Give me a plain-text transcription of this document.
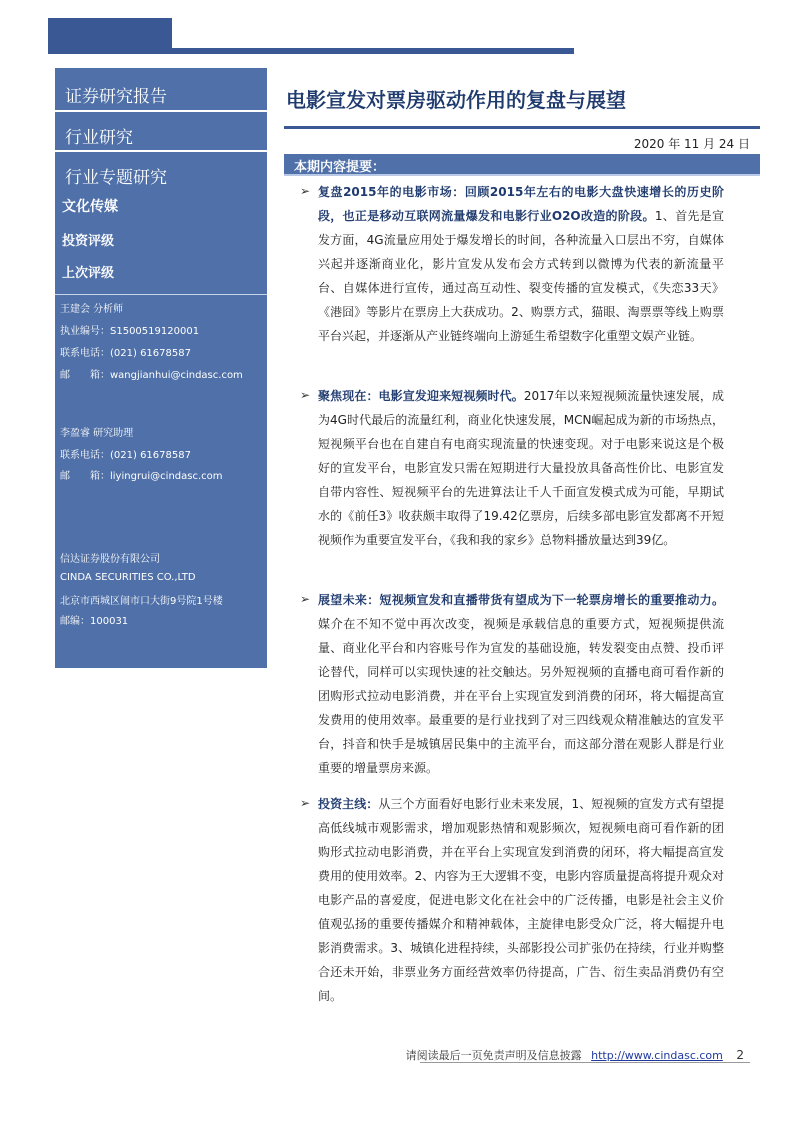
证券研究报告
行业研究
行业专题研究
文化传媒
投资评级
上次评级
王建会 分析师
执业编号：S1500519120001
联系电话：(021) 61678587
邮　　箱：wangjianhui@cindasc.com
李盈睿 研究助理
联系电话：(021) 61678587
邮　　箱：liyingrui@cindasc.com
信达证券股份有限公司
CINDA SECURITIES CO.,LTD
北京市西城区闹市口大街9号院1号楼
邮编：100031
电影宣发对票房驱动作用的复盘与展望
2020 年 11 月 24 日
本期内容提要：
➢ 复盘2015年的电影市场：回顾2015年左右的电影大盘快速增长的历史阶段，也正是移动互联网流量爆发和电影行业O2O改造的阶段。1、首先是宣发方面，4G流量应用处于爆发增长的时间，各种流量入口层出不穷，自媒体兴起并逐渐商业化，影片宣发从发布会方式转到以微博为代表的新流量平台、自媒体进行宣传，通过高互动性、裂变传播的宣发模式，《失恋33天》《港囧》等影片在票房上大获成功。2、购票方式，猫眼、淘票票等线上购票平台兴起，并逐渐从产业链终端向上游延生希望数字化重塑文娱产业链。

➢ 聚焦现在：电影宣发迎来短视频时代。2017年以来短视频流量快速发展，成为4G时代最后的流量红利，商业化快速发展，MCN崛起成为新的市场热点，短视频平台也在自建自有电商实现流量的快速变现。对于电影来说这是个极好的宣发平台，电影宣发只需在短期进行大量投放具备高性价比、电影宣发自带内容性、短视频平台的先进算法让千人千面宣发模式成为可能，早期试水的《前任3》收获颇丰取得了19.42亿票房，后续多部电影宣发都离不开短视频作为重要宣发平台，《我和我的家乡》总物料播放量达到39亿。

➢ 展望未来：短视频宣发和直播带货有望成为下一轮票房增长的重要推动力。媒介在不知不觉中再次改变，视频是承载信息的重要方式，短视频提供流量、商业化平台和内容账号作为宣发的基础设施，转发裂变由点赞、投币评论替代，同样可以实现快速的社交触达。另外短视频的直播电商可看作新的团购形式拉动电影消费，并在平台上实现宣发到消费的闭环，将大幅提高宣发费用的使用效率。最重要的是行业找到了对三四线观众精准触达的宣发平台，抖音和快手是城镇居民集中的主流平台，而这部分潜在观影人群是行业重要的增量票房来源。

➢ 投资主线：从三个方面看好电影行业未来发展，1、短视频的宣发方式有望提高低线城市观影需求，增加观影热情和观影频次，短视频电商可看作新的团购形式拉动电影消费，并在平台上实现宣发到消费的闭环，将大幅提高宣发费用的使用效率。2、内容为王大逻辑不变，电影内容质量提高将提升观众对电影产品的喜爱度，促进电影文化在社会中的广泛传播，电影是社会主义价值观弘扬的重要传播媒介和精神载体，主旋律电影受众广泛，将大幅提升电影消费需求。3、城镇化进程持续，头部影投公司扩张仍在持续，行业并购整合还未开始，非票业务方面经营效率仍待提高，广告、衍生卖品消费仍有空间。

请阅读最后一页免责声明及信息披露 http://www.cindasc.com 2
